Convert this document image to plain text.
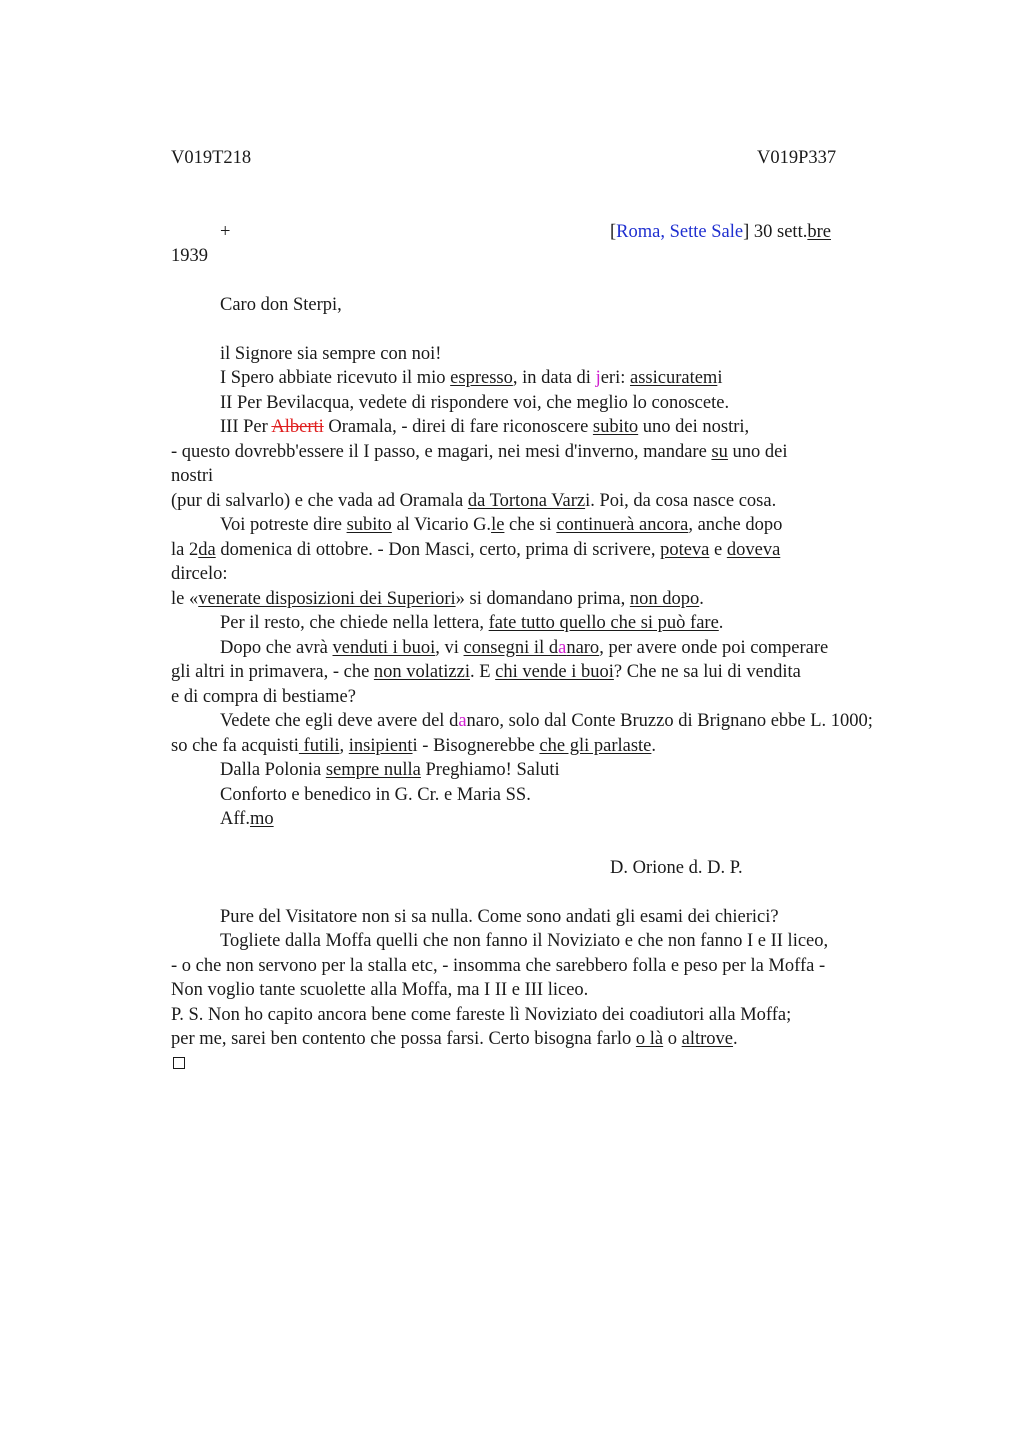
V019T218	V019P337
+	[Roma, Sette Sale] 30 sett.bre
1939
Caro don Sterpi,
il Signore sia sempre con noi!
I Spero abbiate ricevuto il mio espresso, in data di jeri: assicuratemi
II Per Bevilacqua, vedete di rispondere voi, che meglio lo conoscete.
III Per Alberti Oramala, - direi di fare riconoscere subito uno dei nostri,
- questo dovrebb'essere il I passo, e magari, nei mesi d'inverno, mandare su uno dei
nostri
(pur di salvarlo) e che vada ad Oramala da Tortona Varzi. Poi, da cosa nasce cosa.
Voi potreste dire subito al Vicario G.le che si continuerà ancora, anche dopo
la 2da domenica di ottobre. - Don Masci, certo, prima di scrivere, poteva e doveva
dircelo:
le «venerate disposizioni dei Superiori» si domandano prima, non dopo.
Per il resto, che chiede nella lettera, fate tutto quello che si può fare.
Dopo che avrà venduti i buoi, vi consegni il danaro, per avere onde poi comperare
gli altri in primavera, - che non volatizzi. E chi vende i buoi? Che ne sa lui di vendita
e di compra di bestiame?
Vedete che egli deve avere del danaro, solo dal Conte Bruzzo di Brignano ebbe L. 1000;
so che fa acquisti futili, insipienti - Bisognerebbe che gli parlaste.
Dalla Polonia sempre nulla Preghiamo! Saluti
Conforto e benedico in G. Cr. e Maria SS.
Aff.mo
D. Orione d. D. P.
Pure del Visitatore non si sa nulla. Come sono andati gli esami dei chierici?
Togliete dalla Moffa quelli che non fanno il Noviziato e che non fanno I e II liceo,
- o che non servono per la stalla etc, - insomma che sarebbero folla e peso per la Moffa -
Non voglio tante scuolette alla Moffa, ma I II e III liceo.
P. S. Non ho capito ancora bene come fareste lì Noviziato dei coadiutori alla Moffa;
per me, sarei ben contento che possa farsi. Certo bisogna farlo o là o altrove.
